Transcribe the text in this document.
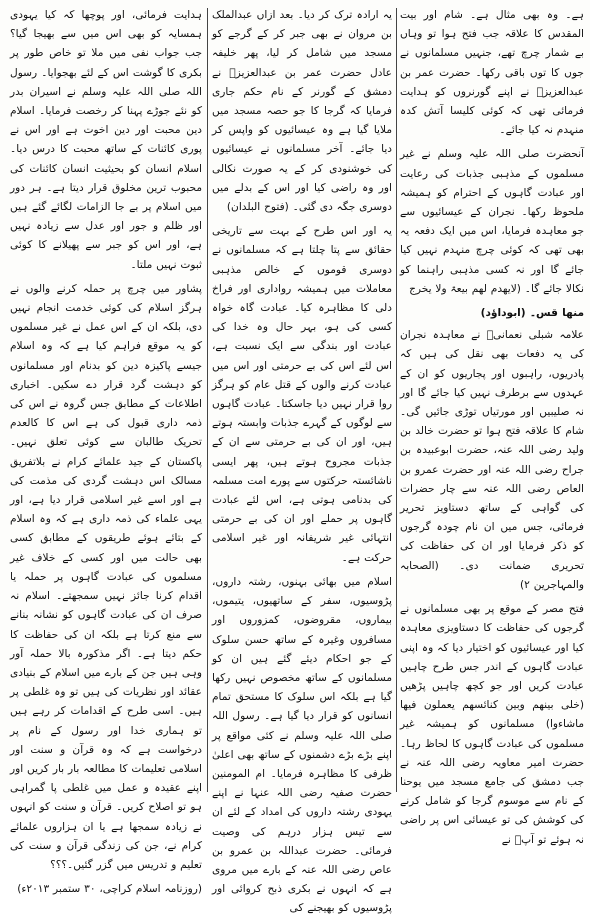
ہے۔ وہ بھی مثال ہے۔ شام اور بیت المقدس کا علاقہ جب فتح ہوا تو وہاں بے شمار چرچ تھے، جنہیں مسلمانوں نے جوں کا توں باقی رکھا۔ حضرت عمر بن عبدالعزیزؒ نے اپنے گورنروں کو ہدایت فرمائی تھی کہ کوئی کلیسا آتش کدہ منہدم نہ کیا جائے۔

آنحضرت صلی اللہ علیہ وسلم نے غیر مسلموں کے مذہبی جذبات کی رعایت اور عبادت گاہوں کے احترام کو ہمیشہ ملحوظ رکھا۔ نجران کے عیسائیوں سے جو معاہدہ فرمایا، اس میں ایک دفعہ یہ بھی تھی کہ کوئی چرچ منہدم نہیں کیا جائے گا اور نہ کسی مذہبی راہنما کو نکالا جائے گا۔ (لایھدم لھم بیعۃ ولا یخرج

منھا قس۔ (ابوداؤد)

علامہ شبلی نعمانیؒ نے معاہدہ نجران کی یہ دفعات بھی نقل کی ہیں کہ پادریوں، راہبوں اور پجاریوں کو ان کے عہدوں سے برطرف نہیں کیا جائے گا اور نہ صلیبیں اور مورتیاں توڑی جائیں گی۔ شام کا علاقہ فتح ہوا تو حضرت خالد بن ولید رضی اللہ عنہ، حضرت ابوعبیدہ بن جراح رضی اللہ عنہ اور حضرت عمرو بن العاص رضی اللہ عنہ سے چار حضرات کی گواہی کے ساتھ دستاویز تحریر فرمائی، جس میں ان نام چودہ گرجوں کو ذکر فرمایا اور ان کی حفاظت کی تحریری ضمانت دی۔ (الصحابہ والمہاجرین ۲)

فتح مصر کے موقع پر بھی مسلمانوں نے گرجوں کی حفاظت کا دستاویزی معاہدہ کیا اور عیسائیوں کو اختیار دیا کہ وہ اپنی عبادت گاہوں کے اندر جس طرح چاہیں عبادت کریں اور جو کچھ چاہیں پڑھیں (خلی بینھم وبین کنائسھم یعملون فیھا ماشاءوا) مسلمانوں کو ہمیشہ غیر مسلموں کی عبادت گاہوں کا لحاظ رہا۔ حضرت امیر معاویہ رضی اللہ عنہ نے جب دمشق کی جامع مسجد میں یوحنا کے نام سے موسوم گرجا کو شامل کرنے کی کوشش کی تو عیسائی اس پر راضی نہ ہوئے تو آپؓ نے

یہ ارادہ ترک کر دیا۔ بعد ازاں عبدالملک بن مروان نے بھی جبر کر کے گرجے کو مسجد میں شامل کر لیا، پھر خلیفہ عادل حضرت عمر بن عبدالعزیزؒ نے دمشق کے گورنر کے نام حکم جاری فرمایا کہ گرجا کا جو حصہ مسجد میں ملایا گیا ہے وہ عیسائیوں کو واپس کر دیا جائے۔ آخر مسلمانوں نے عیسائیوں کی خوشنودی کر کے یہ صورت نکالی اور وہ راضی کیا اور اس کے بدلے میں دوسری جگہ دی گئی۔ (فتوح البلدان)

یہ اور اس طرح کے بہت سے تاریخی حقائق سے پتا چلتا ہے کہ مسلمانوں نے دوسری قوموں کے خالص مذہبی معاملات میں ہمیشہ رواداری اور فراخ دلی کا مظاہرہ کیا۔ عبادت گاہ خواہ کسی کی ہو، بہر حال وہ خدا کی عبادت اور بندگی سے ایک نسبت ہے، اس لئے اس کی بے حرمتی اور اس میں عبادت کرنے والوں کے قتل عام کو ہرگز روا قرار نہیں دیا جاسکتا۔ عبادت گاہوں سے لوگوں کے گہرے جذبات وابستہ ہوتے ہیں، اور ان کی بے حرمتی سے ان کے جذبات مجروح ہوتے ہیں، پھر ایسی ناشائستہ حرکتوں سے پورے امت مسلمہ کی بدنامی ہوتی ہے، اس لئے عبادت گاہوں پر حملے اور ان کی بے حرمتی انتہائی غیر شریفانہ اور غیر اسلامی حرکت ہے۔

اسلام میں بھائی بہنوں، رشتہ داروں، پڑوسیوں، سفر کے ساتھیوں، یتیموں، بیماروں، مقروضوں، کمزوروں اور مسافروں وغیرہ کے ساتھ حسن سلوک کے جو احکام دیئے گئے ہیں ان کو مسلمانوں کے ساتھ مخصوص نہیں رکھا گیا ہے بلکہ اس سلوک کا مستحق تمام انسانوں کو قرار دیا گیا ہے۔ رسول اللہ صلی اللہ علیہ وسلم نے کئی مواقع پر اپنے بڑے بڑے دشمنوں کے ساتھ بھی اعلیٰ ظرفی کا مظاہرہ فرمایا۔ ام المومنین حضرت صفیہ رضی اللہ عنہا نے اپنے یہودی رشتہ داروں کی امداد کے لئے ان سے تیس ہزار درہم کی وصیت فرمائی۔ حضرت عبداللہ بن عمرو بن عاص رضی اللہ عنہ کے بارے میں مروی ہے کہ انہوں نے بکری ذبح کروائی اور پڑوسیوں کو بھیجنے کی

ہدایت فرمائی، اور پوچھا کہ کیا یہودی ہمسایہ کو بھی اس میں سے بھیجا گیا؟ جب جواب نفی میں ملا تو خاص طور پر بکری کا گوشت اس کے لئے بھجوایا۔ رسول اللہ صلی اللہ علیہ وسلم نے اسیران بدر کو نئے جوڑے پہنا کر رخصت فرمایا۔ اسلام دین محبت اور دین اخوت ہے اور اس نے پوری کائنات کے ساتھ محبت کا درس دیا۔ اسلام انسان کو بحیثیت انسان کائنات کی محبوب ترین مخلوق قرار دیتا ہے۔ ہر دور میں اسلام پر بے جا الزامات لگائے گئے ہیں اور ظلم و جور اور عدل سے زیادہ نہیں ہے، اور اس کو جبر سے پھیلانے کا کوئی ثبوت نہیں ملتا۔

پشاور میں چرچ پر حملہ کرنے والوں نے ہرگز اسلام کی کوئی خدمت انجام نہیں دی، بلکہ ان کے اس عمل نے غیر مسلموں کو یہ موقع فراہم کیا ہے کہ وہ اسلام جیسے پاکیزہ دین کو بدنام اور مسلمانوں کو دہشت گرد قرار دے سکیں۔ اخباری اطلاعات کے مطابق جس گروہ نے اس کی ذمہ داری قبول کی ہے اس کا کالعدم تحریک طالبان سے کوئی تعلق نہیں۔ پاکستان کے جید علمائے کرام نے بلاتفریق مسالک اس دہشت گردی کی مذمت کی ہے اور اسے غیر اسلامی قرار دیا ہے، اور یہی علماء کی ذمہ داری ہے کہ وہ اسلام کے بتائے ہوئے طریقوں کے مطابق کسی بھی حالت میں اور کسی کے خلاف غیر مسلموں کی عبادت گاہوں پر حملہ یا اقدام کرنا جائز نہیں سمجھتے۔ اسلام نہ صرف ان کی عبادت گاہوں کو نشانہ بنانے سے منع کرتا ہے بلکہ ان کی حفاظت کا حکم دیتا ہے۔ اگر مذکورہ بالا حملہ آور وہی ہیں جن کے بارے میں اسلام کے بنیادی عقائد اور نظریات کی ہیں تو وہ غلطی پر ہیں۔ اسی طرح کے اقدامات کر رہے ہیں تو ہماری خدا اور رسول کے نام پر درخواست ہے کہ وہ قرآن و سنت اور اسلامی تعلیمات کا مطالعہ بار بار کریں اور اپنے عقیدہ و عمل میں غلطی پا گمراہی ہو تو اصلاح کریں۔ قرآن و سنت کو انہوں نے زیادہ سمجھا ہے یا ان ہزاروں علمائے کرام نے، جن کی زندگی قرآن و سنت کی تعلیم و تدریس میں گزر گئیں۔؟؟؟

(روزنامہ اسلام کراچی، ۳۰ ستمبر ۲۰۱۳ء)
